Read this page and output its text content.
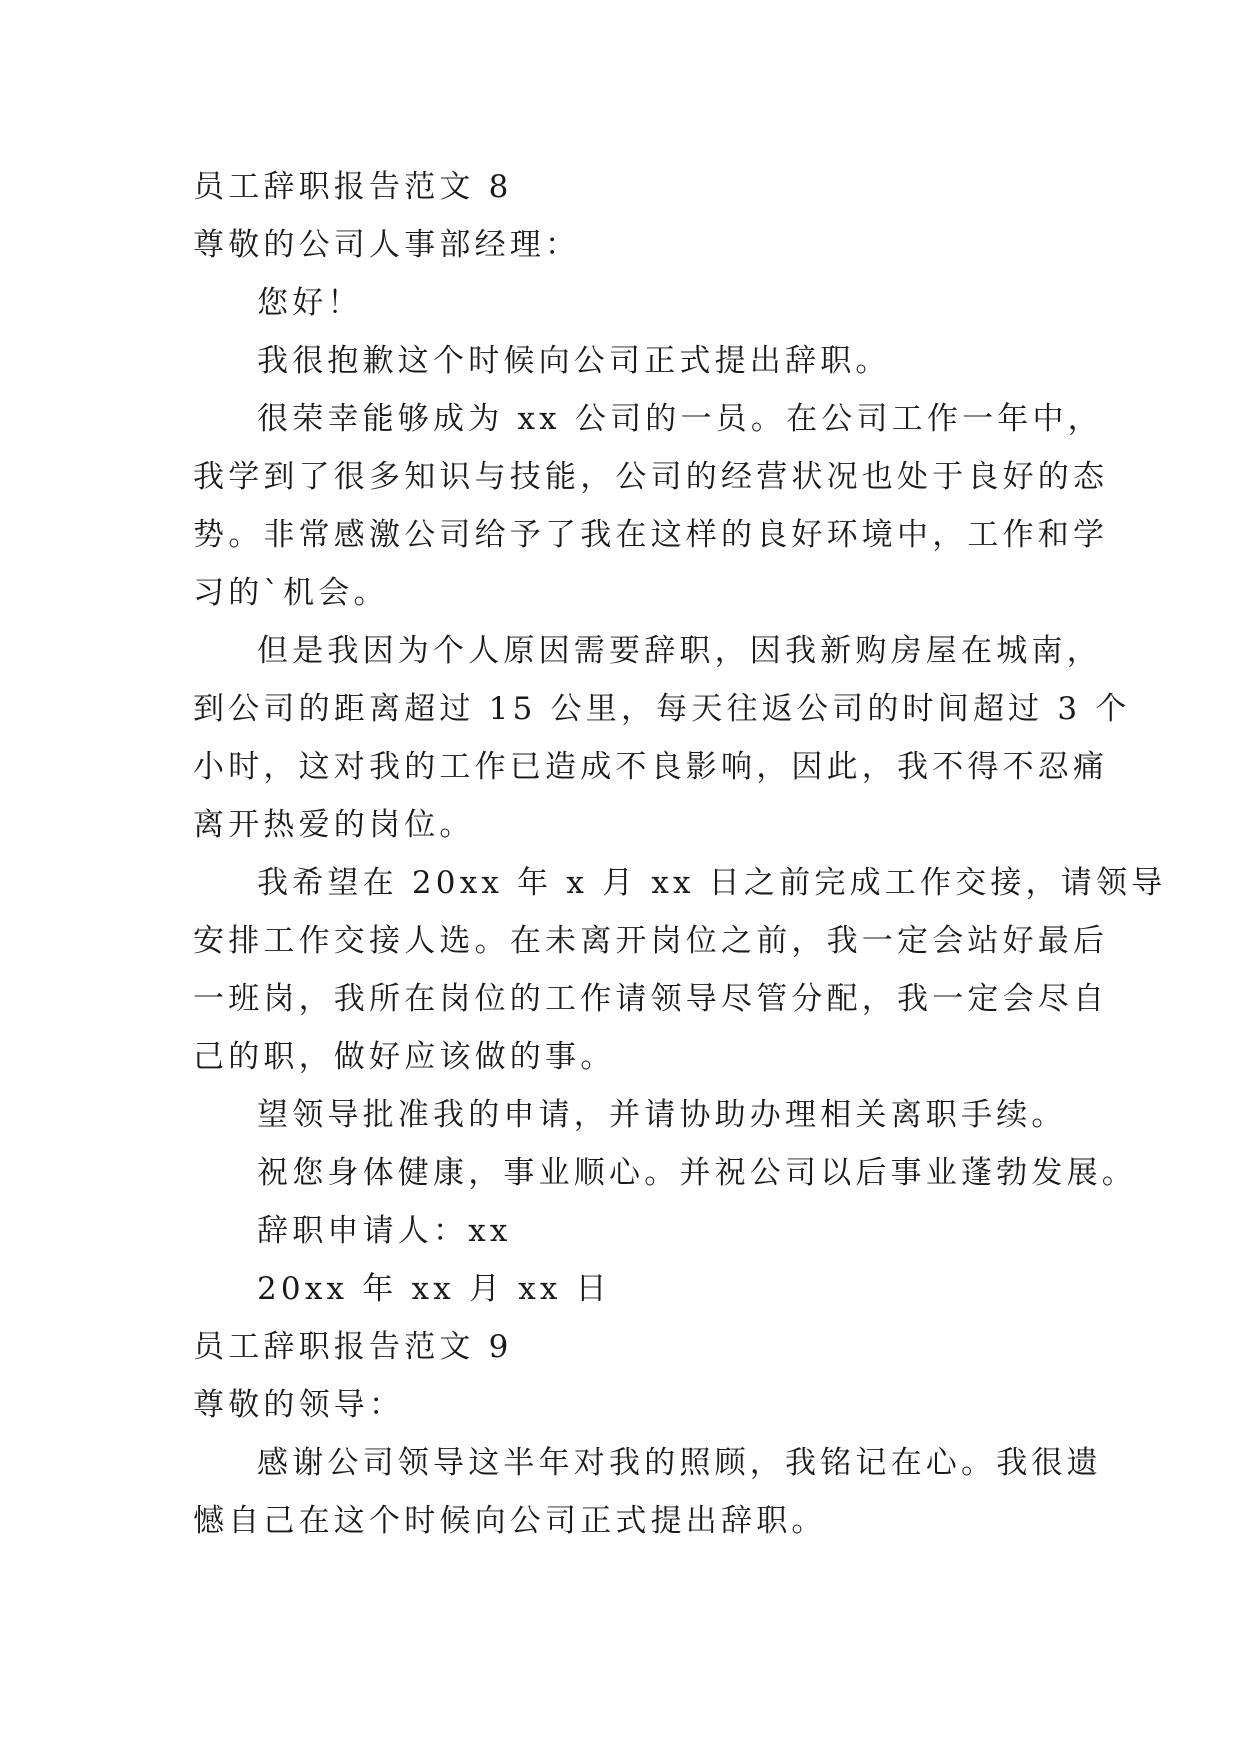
员工辞职报告范文 8
尊敬的公司人事部经理：
您好！
我很抱歉这个时候向公司正式提出辞职。
很荣幸能够成为 xx 公司的一员。在公司工作一年中，
我学到了很多知识与技能，公司的经营状况也处于良好的态
势。非常感激公司给予了我在这样的良好环境中，工作和学
习的`机会。
但是我因为个人原因需要辞职，因我新购房屋在城南，
到公司的距离超过 15 公里，每天往返公司的时间超过 3 个
小时，这对我的工作已造成不良影响，因此，我不得不忍痛
离开热爱的岗位。
我希望在 20xx 年 x 月 xx 日之前完成工作交接，请领导
安排工作交接人选。在未离开岗位之前，我一定会站好最后
一班岗，我所在岗位的工作请领导尽管分配，我一定会尽自
己的职，做好应该做的事。
望领导批准我的申请，并请协助办理相关离职手续。
祝您身体健康，事业顺心。并祝公司以后事业蓬勃发展。
辞职申请人：xx
20xx 年 xx 月 xx 日
员工辞职报告范文 9
尊敬的领导：
感谢公司领导这半年对我的照顾，我铭记在心。我很遗
憾自己在这个时候向公司正式提出辞职。
